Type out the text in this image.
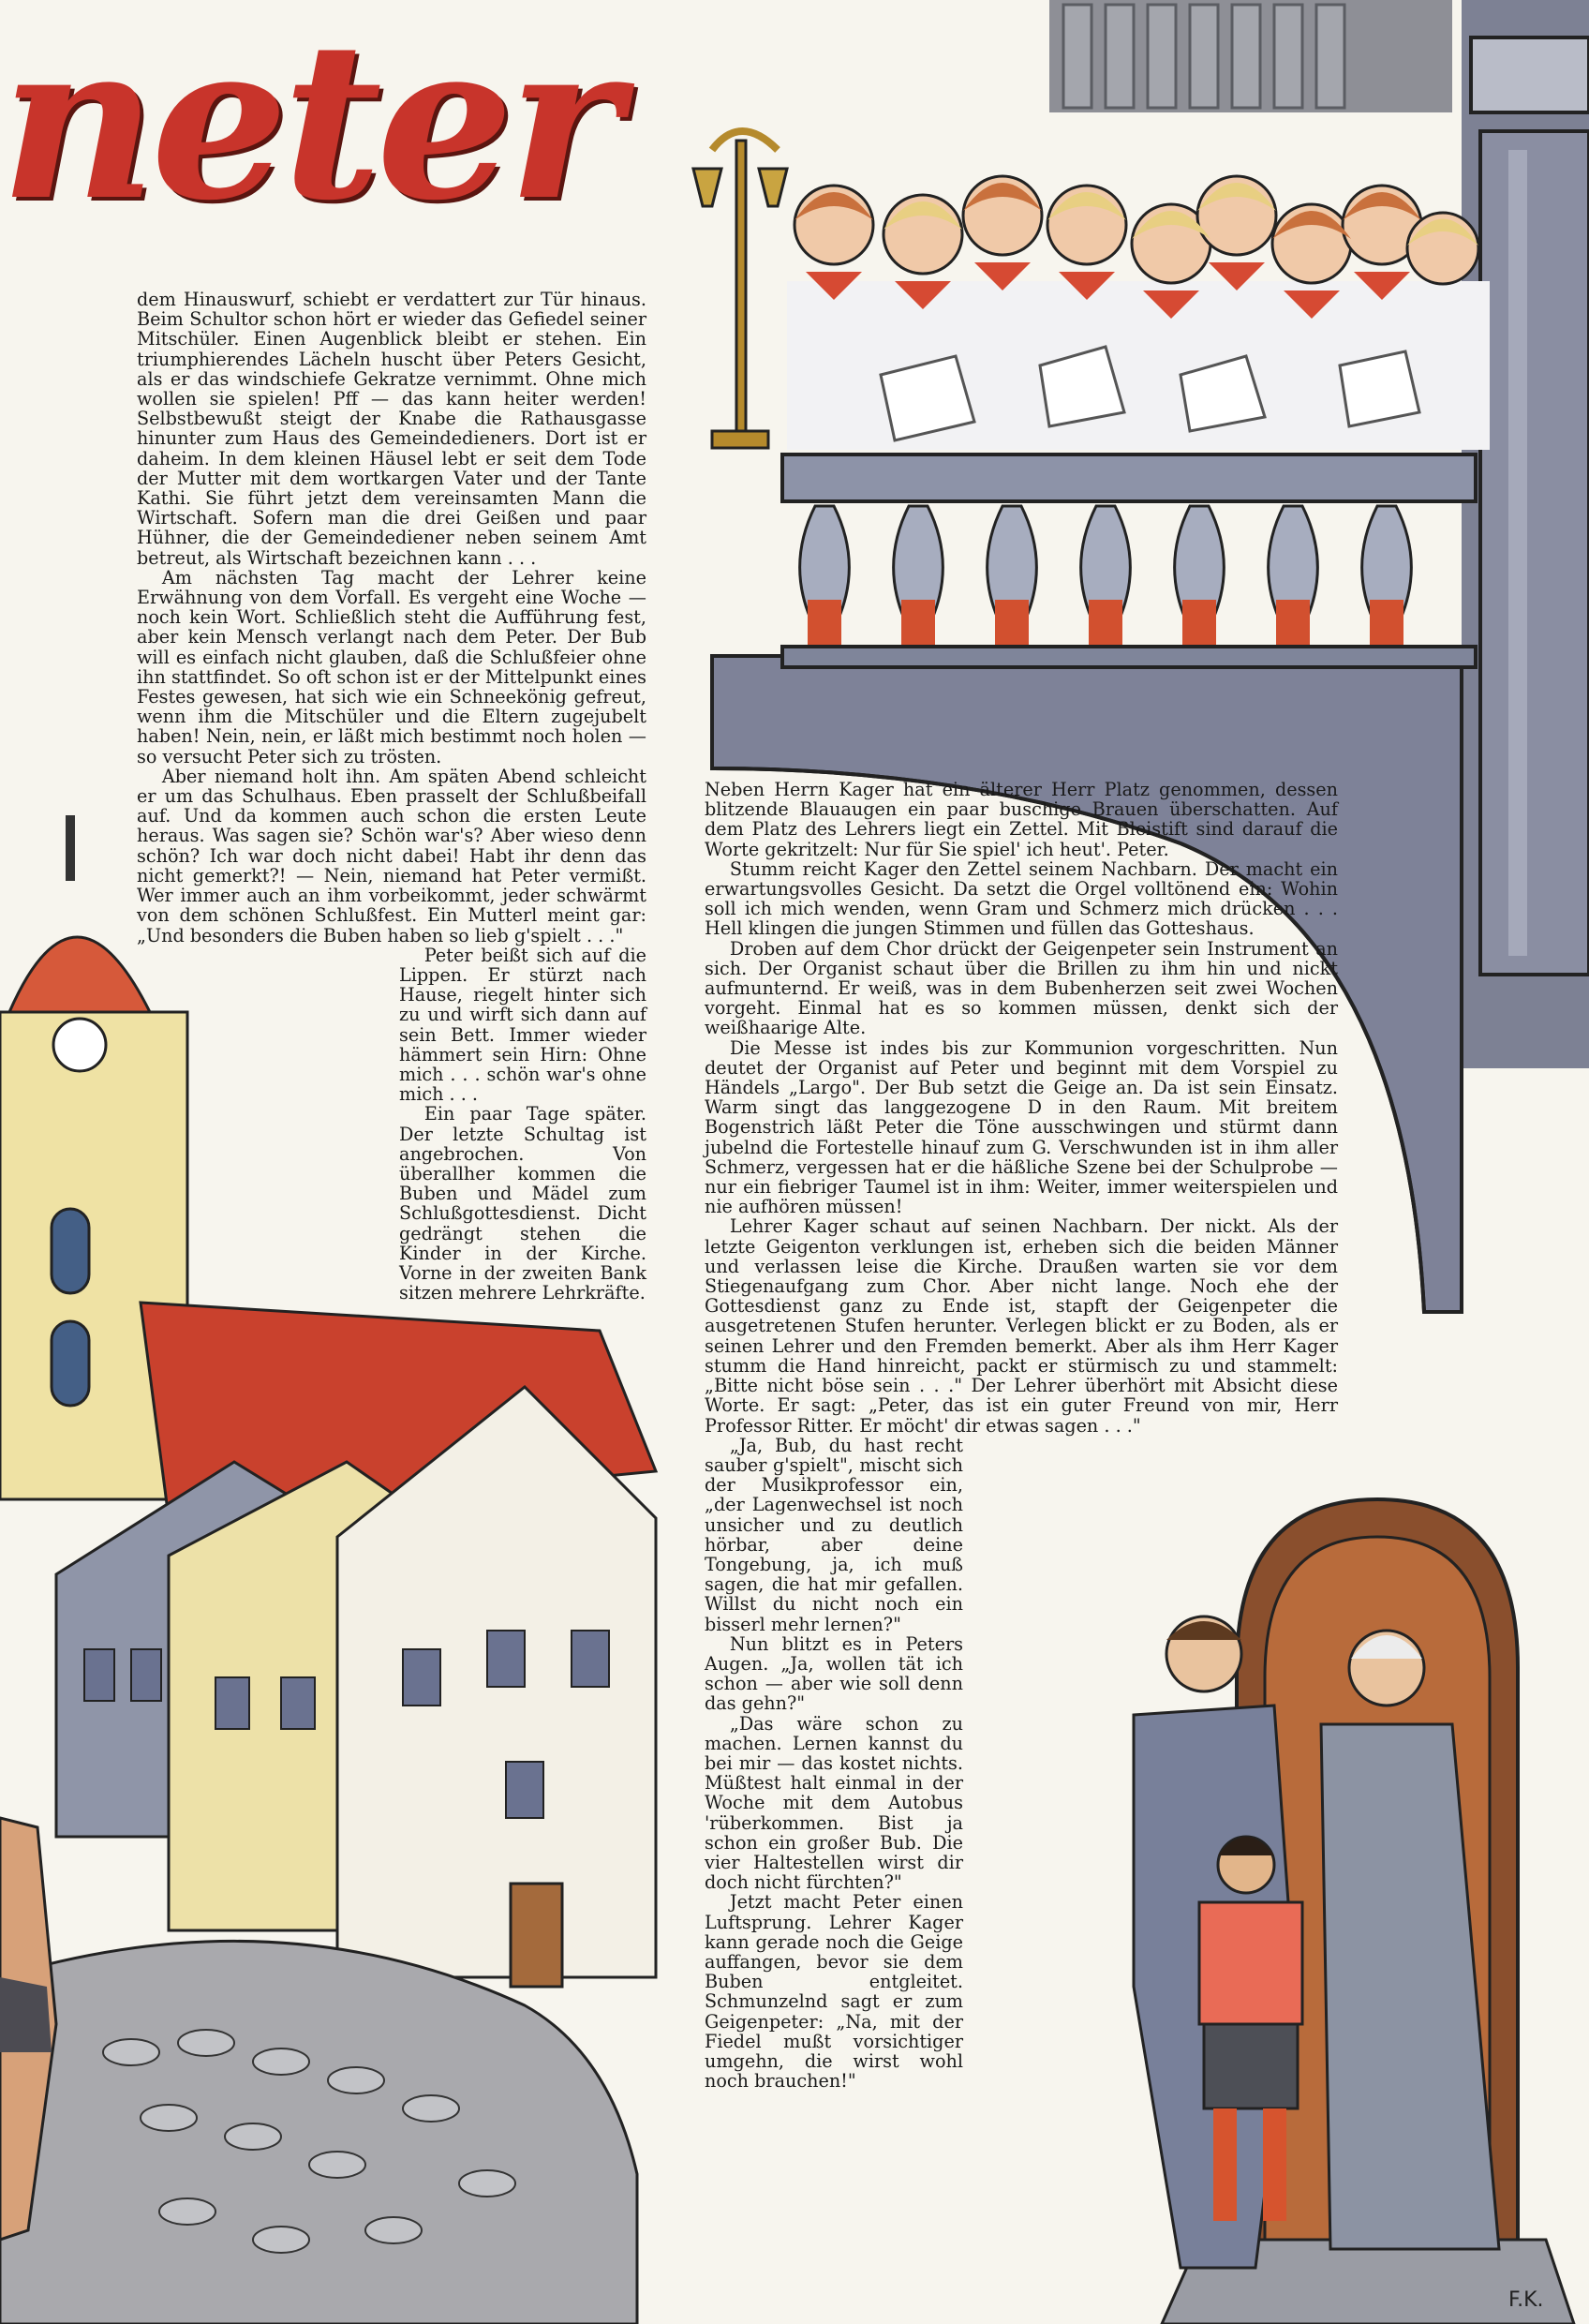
neter

dem Hinauswurf, schiebt er verdattert zur Tür hinaus. Beim Schultor schon hört er wieder das Gefiedel seiner Mitschüler. Einen Augenblick bleibt er stehen. Ein triumphierendes Lächeln huscht über Peters Gesicht, als er das windschiefe Gekratze vernimmt. Ohne mich wollen sie spielen! Pff — das kann heiter werden! Selbstbewußt steigt der Knabe die Rathausgasse hinunter zum Haus des Gemeindedieners. Dort ist er daheim. In dem kleinen Häusel lebt er seit dem Tode der Mutter mit dem wortkargen Vater und der Tante Kathi. Sie führt jetzt dem vereinsamten Mann die Wirtschaft. Sofern man die drei Geißen und paar Hühner, die der Gemeindediener neben seinem Amt betreut, als Wirtschaft bezeichnen kann . . .

Am nächsten Tag macht der Lehrer keine Erwähnung von dem Vorfall. Es vergeht eine Woche — noch kein Wort. Schließlich steht die Aufführung fest, aber kein Mensch verlangt nach dem Peter. Der Bub will es einfach nicht glauben, daß die Schlußfeier ohne ihn stattfindet. So oft schon ist er der Mittelpunkt eines Festes gewesen, hat sich wie ein Schneekönig gefreut, wenn ihm die Mitschüler und die Eltern zugejubelt haben! Nein, nein, er läßt mich bestimmt noch holen — so versucht Peter sich zu trösten.

Aber niemand holt ihn. Am späten Abend schleicht er um das Schulhaus. Eben prasselt der Schlußbeifall auf. Und da kommen auch schon die ersten Leute heraus. Was sagen sie? Schön war's? Aber wieso denn schön? Ich war doch nicht dabei! Habt ihr denn das nicht gemerkt?! — Nein, niemand hat Peter vermißt. Wer immer auch an ihm vorbeikommt, jeder schwärmt von dem schönen Schlußfest. Ein Mutterl meint gar: „Und besonders die Buben haben so lieb g'spielt . . ."

Peter beißt sich auf die Lippen. Er stürzt nach Hause, riegelt hinter sich zu und wirft sich dann auf sein Bett. Immer wieder hämmert sein Hirn: Ohne mich . . . schön war's ohne mich . . .

Ein paar Tage später. Der letzte Schultag ist angebrochen. Von überallher kommen die Buben und Mädel zum Schlußgottesdienst. Dicht gedrängt stehen die Kinder in der Kirche. Vorne in der zweiten Bank sitzen mehrere Lehrkräfte.

Neben Herrn Kager hat ein älterer Herr Platz genommen, dessen blitzende Blauaugen ein paar buschige Brauen überschatten. Auf dem Platz des Lehrers liegt ein Zettel. Mit Bleistift sind darauf die Worte gekritzelt: Nur für Sie spiel' ich heut'. Peter.

Stumm reicht Kager den Zettel seinem Nachbarn. Der macht ein erwartungsvolles Gesicht. Da setzt die Orgel volltönend ein: Wohin soll ich mich wenden, wenn Gram und Schmerz mich drücken . . . Hell klingen die jungen Stimmen und füllen das Gotteshaus.

Droben auf dem Chor drückt der Geigenpeter sein Instrument an sich. Der Organist schaut über die Brillen zu ihm hin und nickt aufmunternd. Er weiß, was in dem Bubenherzen seit zwei Wochen vorgeht. Einmal hat es so kommen müssen, denkt sich der weißhaarige Alte.

Die Messe ist indes bis zur Kommunion vorgeschritten. Nun deutet der Organist auf Peter und beginnt mit dem Vorspiel zu Händels „Largo". Der Bub setzt die Geige an. Da ist sein Einsatz. Warm singt das langgezogene D in den Raum. Mit breitem Bogenstrich läßt Peter die Töne ausschwingen und stürmt dann jubelnd die Fortestelle hinauf zum G. Verschwunden ist in ihm aller Schmerz, vergessen hat er die häßliche Szene bei der Schulprobe — nur ein fiebriger Taumel ist in ihm: Weiter, immer weiterspielen und nie aufhören müssen!

Lehrer Kager schaut auf seinen Nachbarn. Der nickt. Als der letzte Geigenton verklungen ist, erheben sich die beiden Männer und verlassen leise die Kirche. Draußen warten sie vor dem Stiegenaufgang zum Chor. Aber nicht lange. Noch ehe der Gottesdienst ganz zu Ende ist, stapft der Geigenpeter die ausgetretenen Stufen herunter. Verlegen blickt er zu Boden, als er seinen Lehrer und den Fremden bemerkt. Aber als ihm Herr Kager stumm die Hand hinreicht, packt er stürmisch zu und stammelt: „Bitte nicht böse sein . . ." Der Lehrer überhört mit Absicht diese Worte. Er sagt: „Peter, das ist ein guter Freund von mir, Herr Professor Ritter. Er möcht' dir etwas sagen . . ."

„Ja, Bub, du hast recht sauber g'spielt", mischt sich der Musikprofessor ein, „der Lagenwechsel ist noch unsicher und zu deutlich hörbar, aber deine Tongebung, ja, ich muß sagen, die hat mir gefallen. Willst du nicht noch ein bisserl mehr lernen?"

Nun blitzt es in Peters Augen. „Ja, wollen tät ich schon — aber wie soll denn das gehn?"

„Das wäre schon zu machen. Lernen kannst du bei mir — das kostet nichts. Müßtest halt einmal in der Woche mit dem Autobus 'rüberkommen. Bist ja schon ein großer Bub. Die vier Haltestellen wirst dir doch nicht fürchten?"

Jetzt macht Peter einen Luftsprung. Lehrer Kager kann gerade noch die Geige auffangen, bevor sie dem Buben entgleitet. Schmunzelnd sagt er zum Geigenpeter: „Na, mit der Fiedel mußt vorsichtiger umgehn, die wirst wohl noch brauchen!"

F.K.
